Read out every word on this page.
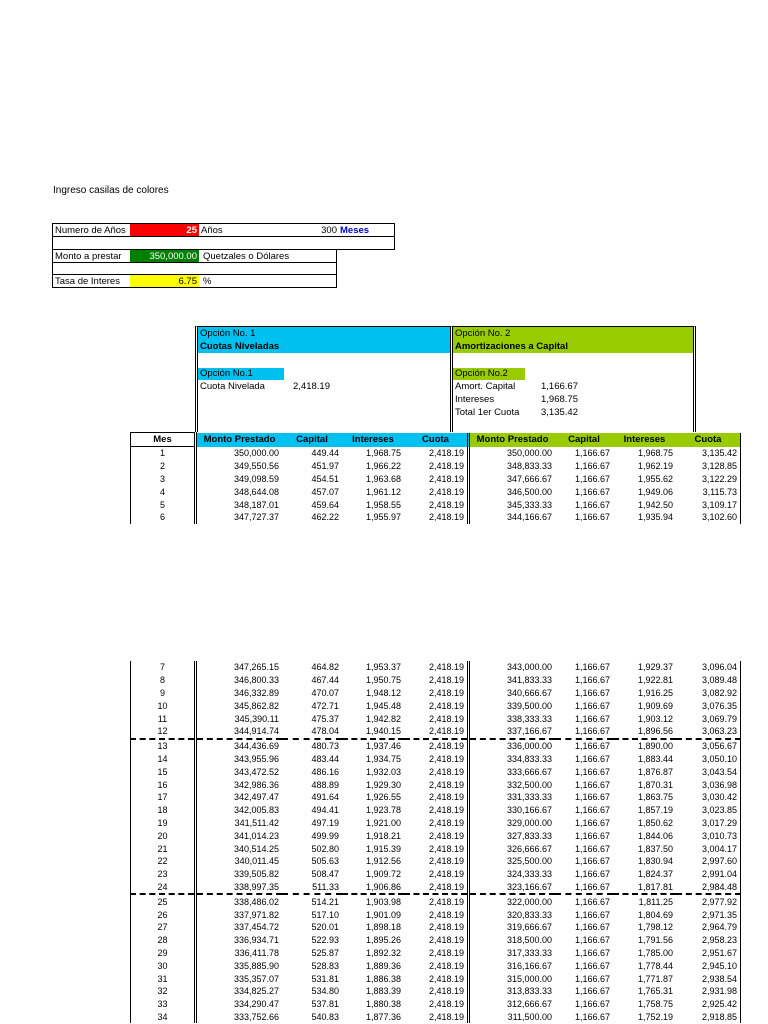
Ingreso casilas de colores
Numero de Años	25 Años	300 Meses
Monto a prestar	350,000.00 Quetzales o Dólares
Tasa de Interes	6.75 %
Opción No. 1
Cuotas Niveladas
Opción No.1
Cuota Nivelada	2,418.19
Opción No. 2
Amortizaciones a Capital
Opción No.2
Amort. Capital	1,166.67
Intereses	1,968.75
Total 1er Cuota 3,135.42
Mes	Monto Prestado	Capital	Intereses	Cuota	Monto Prestado	Capital	Intereses	Cuota
1	350,000.00	449.44	1,968.75	2,418.19	350,000.00	1,166.67	1,968.75	3,135.42
2	349,550.56	451.97	1,966.22	2,418.19	348,833.33	1,166.67	1,962.19	3,128.85
3	349,098.59	454.51	1,963.68	2,418.19	347,666.67	1,166.67	1,955.62	3,122.29
4	348,644.08	457.07	1,961.12	2,418.19	346,500.00	1,166.67	1,949.06	3,115.73
5	348,187.01	459.64	1,958.55	2,418.19	345,333.33	1,166.67	1,942.50	3,109.17
6	347,727.37	462.22	1,955.97	2,418.19	344,166.67	1,166.67	1,935.94	3,102.60
7	347,265.15	464.82	1,953.37	2,418.19	343,000.00	1,166.67	1,929.37	3,096.04
8	346,800.33	467.44	1,950.75	2,418.19	341,833.33	1,166.67	1,922.81	3,089.48
9	346,332.89	470.07	1,948.12	2,418.19	340,666.67	1,166.67	1,916.25	3,082.92
10	345,862.82	472.71	1,945.48	2,418.19	339,500.00	1,166.67	1,909.69	3,076.35
11	345,390.11	475.37	1,942.82	2,418.19	338,333.33	1,166.67	1,903.12	3,069.79
12	344,914.74	478.04	1,940.15	2,418.19	337,166.67	1,166.67	1,896.56	3,063.23
13	344,436.69	480.73	1,937.46	2,418.19	336,000.00	1,166.67	1,890.00	3,056.67
14	343,955.96	483.44	1,934.75	2,418.19	334,833.33	1,166.67	1,883.44	3,050.10
15	343,472.52	486.16	1,932.03	2,418.19	333,666.67	1,166.67	1,876.87	3,043.54
16	342,986.36	488.89	1,929.30	2,418.19	332,500.00	1,166.67	1,870.31	3,036.98
17	342,497.47	491.64	1,926.55	2,418.19	331,333.33	1,166.67	1,863.75	3,030.42
18	342,005.83	494.41	1,923.78	2,418.19	330,166.67	1,166.67	1,857.19	3,023.85
19	341,511.42	497.19	1,921.00	2,418.19	329,000.00	1,166.67	1,850.62	3,017.29
20	341,014.23	499.99	1,918.21	2,418.19	327,833.33	1,166.67	1,844.06	3,010.73
21	340,514.25	502.80	1,915.39	2,418.19	326,666.67	1,166.67	1,837.50	3,004.17
22	340,011.45	505.63	1,912.56	2,418.19	325,500.00	1,166.67	1,830.94	2,997.60
23	339,505.82	508.47	1,909.72	2,418.19	324,333.33	1,166.67	1,824.37	2,991.04
24	338,997.35	511.33	1,906.86	2,418.19	323,166.67	1,166.67	1,817.81	2,984.48
25	338,486.02	514.21	1,903.98	2,418.19	322,000.00	1,166.67	1,811.25	2,977.92
26	337,971.82	517.10	1,901.09	2,418.19	320,833.33	1,166.67	1,804.69	2,971.35
27	337,454.72	520.01	1,898.18	2,418.19	319,666.67	1,166.67	1,798.12	2,964.79
28	336,934.71	522.93	1,895.26	2,418.19	318,500.00	1,166.67	1,791.56	2,958.23
29	336,411.78	525.87	1,892.32	2,418.19	317,333.33	1,166.67	1,785.00	2,951.67
30	335,885.90	528.83	1,889.36	2,418.19	316,166.67	1,166.67	1,778.44	2,945.10
31	335,357.07	531.81	1,886.38	2,418.19	315,000.00	1,166.67	1,771.87	2,938.54
32	334,825.27	534.80	1,883.39	2,418.19	313,833.33	1,166.67	1,765.31	2,931.98
33	334,290.47	537.81	1,880.38	2,418.19	312,666.67	1,166.67	1,758.75	2,925.42
34	333,752.66	540.83	1,877.36	2,418.19	311,500.00	1,166.67	1,752.19	2,918.85
